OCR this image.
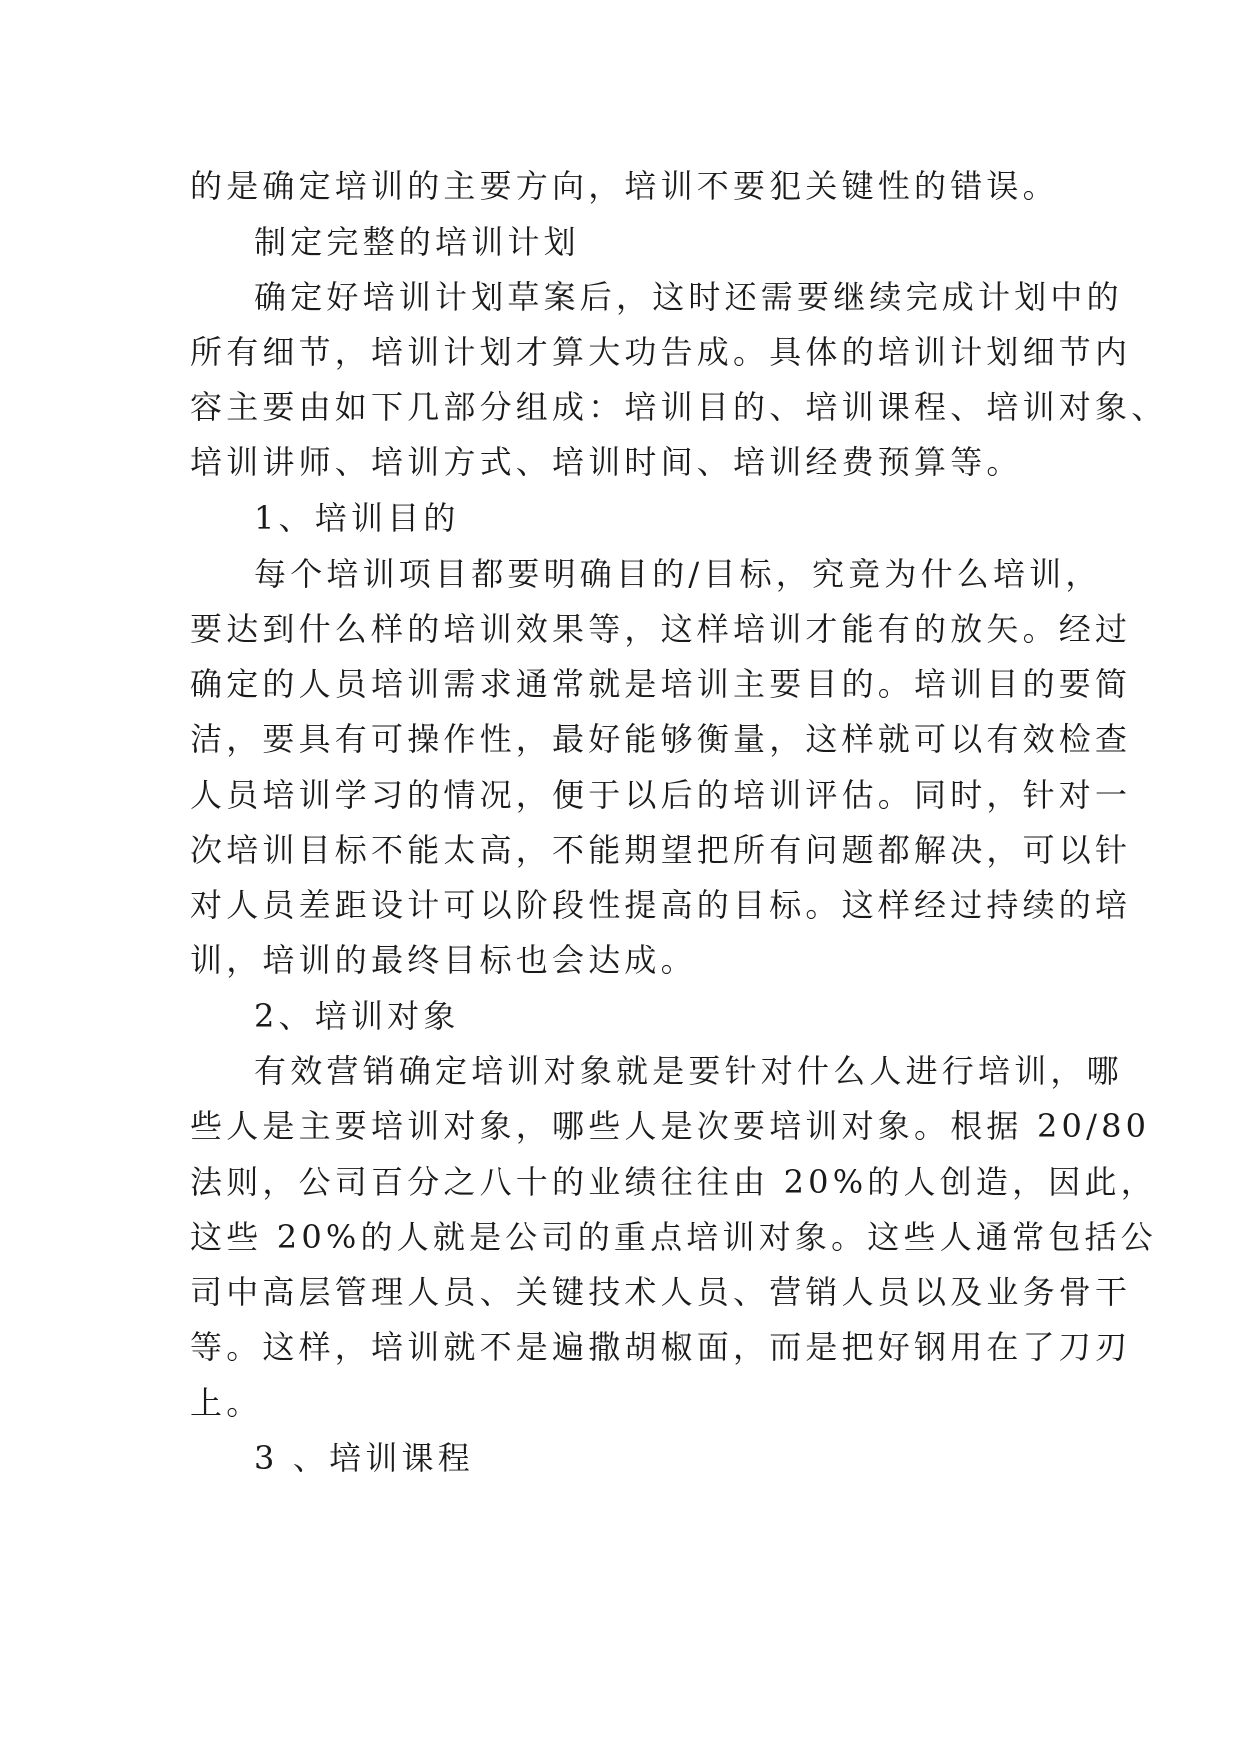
的是确定培训的主要方向，培训不要犯关键性的错误。
制定完整的培训计划
确定好培训计划草案后，这时还需要继续完成计划中的
所有细节，培训计划才算大功告成。具体的培训计划细节内
容主要由如下几部分组成：培训目的、培训课程、培训对象、
培训讲师、培训方式、培训时间、培训经费预算等。
1、培训目的
每个培训项目都要明确目的/目标，究竟为什么培训，
要达到什么样的培训效果等，这样培训才能有的放矢。经过
确定的人员培训需求通常就是培训主要目的。培训目的要简
洁，要具有可操作性，最好能够衡量，这样就可以有效检查
人员培训学习的情况，便于以后的培训评估。同时，针对一
次培训目标不能太高，不能期望把所有问题都解决，可以针
对人员差距设计可以阶段性提高的目标。这样经过持续的培
训，培训的最终目标也会达成。
2、培训对象
有效营销确定培训对象就是要针对什么人进行培训，哪
些人是主要培训对象，哪些人是次要培训对象。根据 20/80
法则，公司百分之八十的业绩往往由 20%的人创造，因此，
这些 20%的人就是公司的重点培训对象。这些人通常包括公
司中高层管理人员、关键技术人员、营销人员以及业务骨干
等。这样，培训就不是遍撒胡椒面，而是把好钢用在了刀刃
上。
3 、培训课程
